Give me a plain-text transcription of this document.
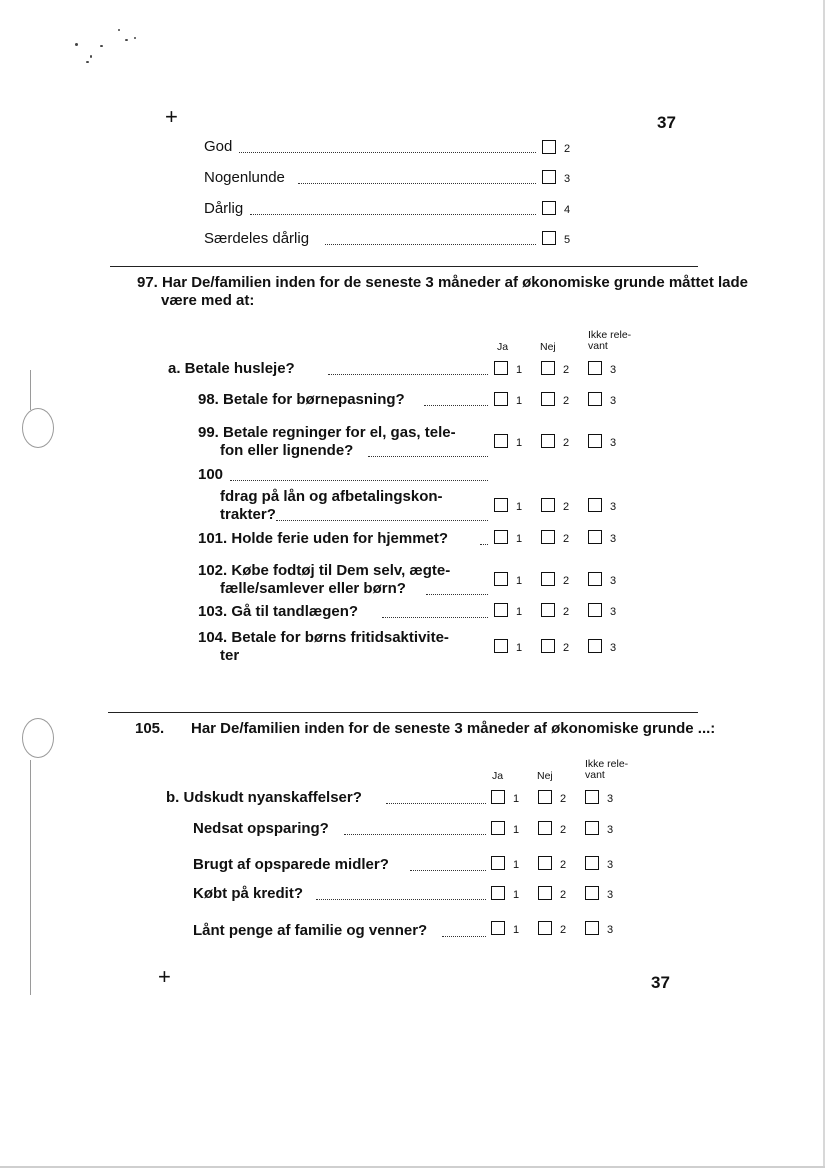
+	37
God	2
Nogenlunde	3
Dårlig	4
Særdeles dårlig	5
97. Har De/familien inden for de seneste 3 måneder af økonomiske grunde måttet lade
være med at:
Ja	Nej
Ikke rele-
vant
a. Betale husleje?	1	2	3
98. Betale for børnepasning?	1	2	3
99. Betale regninger for el, gas, tele-
fon eller lignende?	1	2	3
100
fdrag på lån og afbetalingskon-
trakter?	1	2	3
101. Holde ferie uden for hjemmet?	1	2	3
102. Købe fodtøj til Dem selv, ægte-
fælle/samlever eller børn?	1	2	3
103. Gå til tandlægen?	1	2	3
104. Betale for børns fritidsaktivite-
ter	1	2	3
105. Har De/familien inden for de seneste 3 måneder af økonomiske grunde ...:
Ja	Nej
Ikke rele-
vant
b. Udskudt nyanskaffelser?	1	2	3
Nedsat opsparing?	1	2	3
Brugt af opsparede midler?	1	2	3
Købt på kredit?	1	2	3
Lånt penge af familie og venner?	1	2	3
+	37
